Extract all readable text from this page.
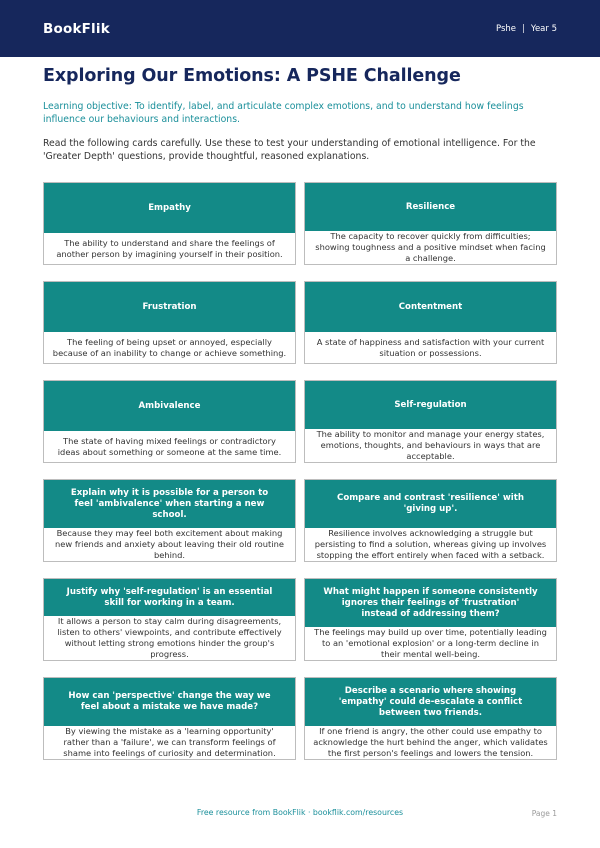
BookFlik	Pshe | Year 5
Exploring Our Emotions: A PSHE Challenge

Learning objective: To identify, label, and articulate complex emotions, and to understand how feelings influence our behaviours and interactions.

Read the following cards carefully. Use these to test your understanding of emotional intelligence. For the 'Greater Depth' questions, provide thoughtful, reasoned explanations.

Empathy
The ability to understand and share the feelings of another person by imagining yourself in their position.
Resilience
The capacity to recover quickly from difficulties; showing toughness and a positive mindset when facing a challenge.
Frustration
The feeling of being upset or annoyed, especially because of an inability to change or achieve something.
Contentment
A state of happiness and satisfaction with your current situation or possessions.
Ambivalence
The state of having mixed feelings or contradictory ideas about something or someone at the same time.
Self-regulation
The ability to monitor and manage your energy states, emotions, thoughts, and behaviours in ways that are acceptable.
Explain why it is possible for a person to feel 'ambivalence' when starting a new school.
Because they may feel both excitement about making new friends and anxiety about leaving their old routine behind.
Compare and contrast 'resilience' with 'giving up'.
Resilience involves acknowledging a struggle but persisting to find a solution, whereas giving up involves stopping the effort entirely when faced with a setback.
Justify why 'self-regulation' is an essential skill for working in a team.
It allows a person to stay calm during disagreements, listen to others' viewpoints, and contribute effectively without letting strong emotions hinder the group's progress.
What might happen if someone consistently ignores their feelings of 'frustration' instead of addressing them?
The feelings may build up over time, potentially leading to an 'emotional explosion' or a long-term decline in their mental well-being.
How can 'perspective' change the way we feel about a mistake we have made?
By viewing the mistake as a 'learning opportunity' rather than a 'failure', we can transform feelings of shame into feelings of curiosity and determination.
Describe a scenario where showing 'empathy' could de-escalate a conflict between two friends.
If one friend is angry, the other could use empathy to acknowledge the hurt behind the anger, which validates the first person's feelings and lowers the tension.
Free resource from BookFlik · bookflik.com/resources	Page 1
